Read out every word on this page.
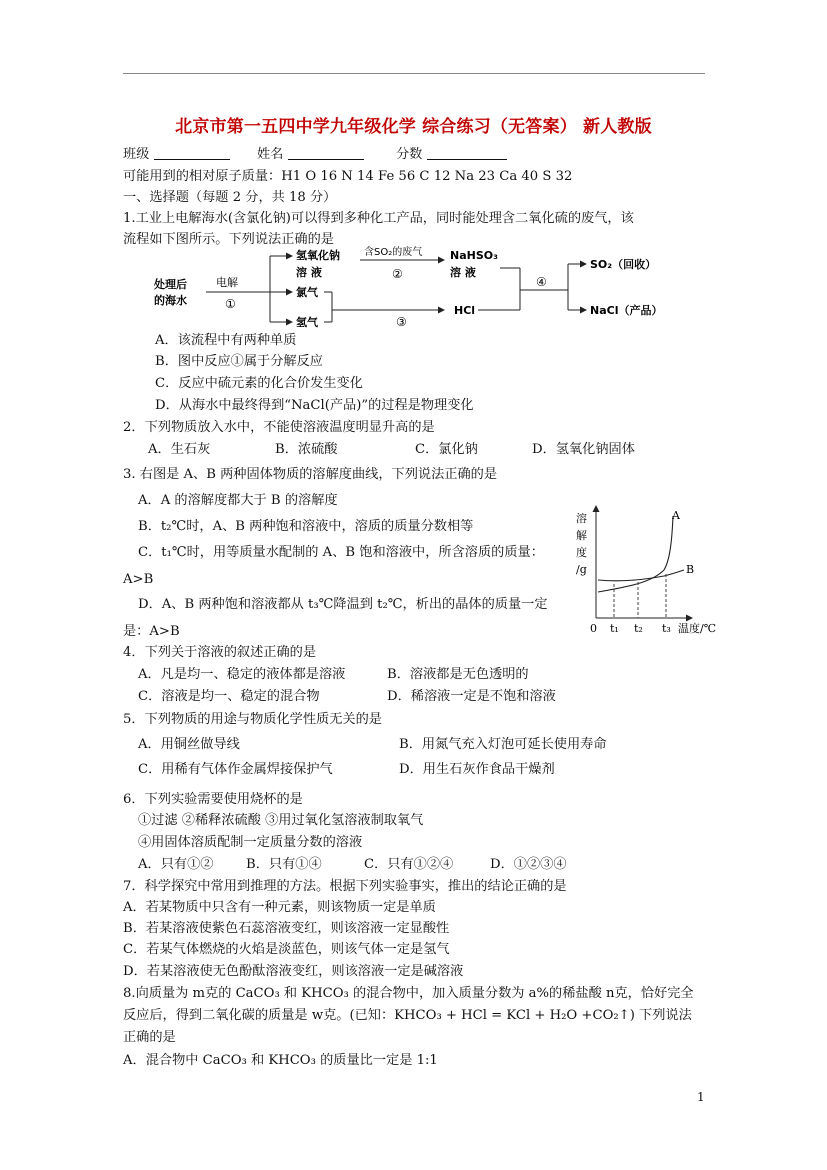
北京市第一五四中学九年级化学 综合练习（无答案） 新人教版
班级	姓名	分数
可能用到的相对原子质量：H1 O 16 N 14 Fe 56 C 12 Na 23 Ca 40 S 32
一、选择题（每题 2 分，共 18 分）
1.工业上电解海水(含氯化钠)可以得到多种化工产品，同时能处理含二氧化硫的废气，该
流程如下图所示。下列说法正确的是
处理后
的海水
电解
①
氢氧化钠
溶 液
含SO₂的废气
②
NaHSO₃
溶 液
氯气
氢气	③
HCl
④
SO₂（回收）
NaCl（产品）
A．该流程中有两种单质
B．图中反应①属于分解反应
C．反应中硫元素的化合价发生变化
D．从海水中最终得到“NaCl(产品)”的过程是物理变化
2．下列物质放入水中，不能使溶液温度明显升高的是
A．生石灰	B．浓硫酸	C．氯化钠	D．氢氧化钠固体
3. 右图是 A、B 两种固体物质的溶解度曲线，下列说法正确的是
A．A 的溶解度都大于 B 的溶解度
B．t₂℃时，A、B 两种饱和溶液中，溶质的质量分数相等
C．t₁℃时，用等质量水配制的 A、B 饱和溶液中，所含溶质的质量：
A>B
D．A、B 两种饱和溶液都从 t₃℃降温到 t₂℃，析出的晶体的质量一定
是：A>B
溶
解
度
/g
A
B
0 t₁ t₂ t₃ 温度/℃
4．下列关于溶液的叙述正确的是
A．凡是均一、稳定的液体都是溶液	B．溶液都是无色透明的
C．溶液是均一、稳定的混合物	D．稀溶液一定是不饱和溶液
5．下列物质的用途与物质化学性质无关的是
A．用铜丝做导线	B．用氮气充入灯泡可延长使用寿命
C．用稀有气体作金属焊接保护气	D．用生石灰作食品干燥剂
6．下列实验需要使用烧杯的是
①过滤 ②稀释浓硫酸 ③用过氧化氢溶液制取氧气
④用固体溶质配制一定质量分数的溶液
A．只有①② B．只有①④	C．只有①②④	D．①②③④
7．科学探究中常用到推理的方法。根据下列实验事实，推出的结论正确的是
A．若某物质中只含有一种元素，则该物质一定是单质
B．若某溶液使紫色石蕊溶液变红，则该溶液一定显酸性
C．若某气体燃烧的火焰是淡蓝色，则该气体一定是氢气
D．若某溶液使无色酚酞溶液变红，则该溶液一定是碱溶液
8.向质量为 m克的 CaCO₃ 和 KHCO₃ 的混合物中，加入质量分数为 a%的稀盐酸 n克，恰好完全
反应后，得到二氧化碳的质量是 w克。(已知：KHCO₃ + HCl = KCl + H₂O +CO₂↑) 下列说法
正确的是
A．混合物中 CaCO₃ 和 KHCO₃ 的质量比一定是 1:1
1
